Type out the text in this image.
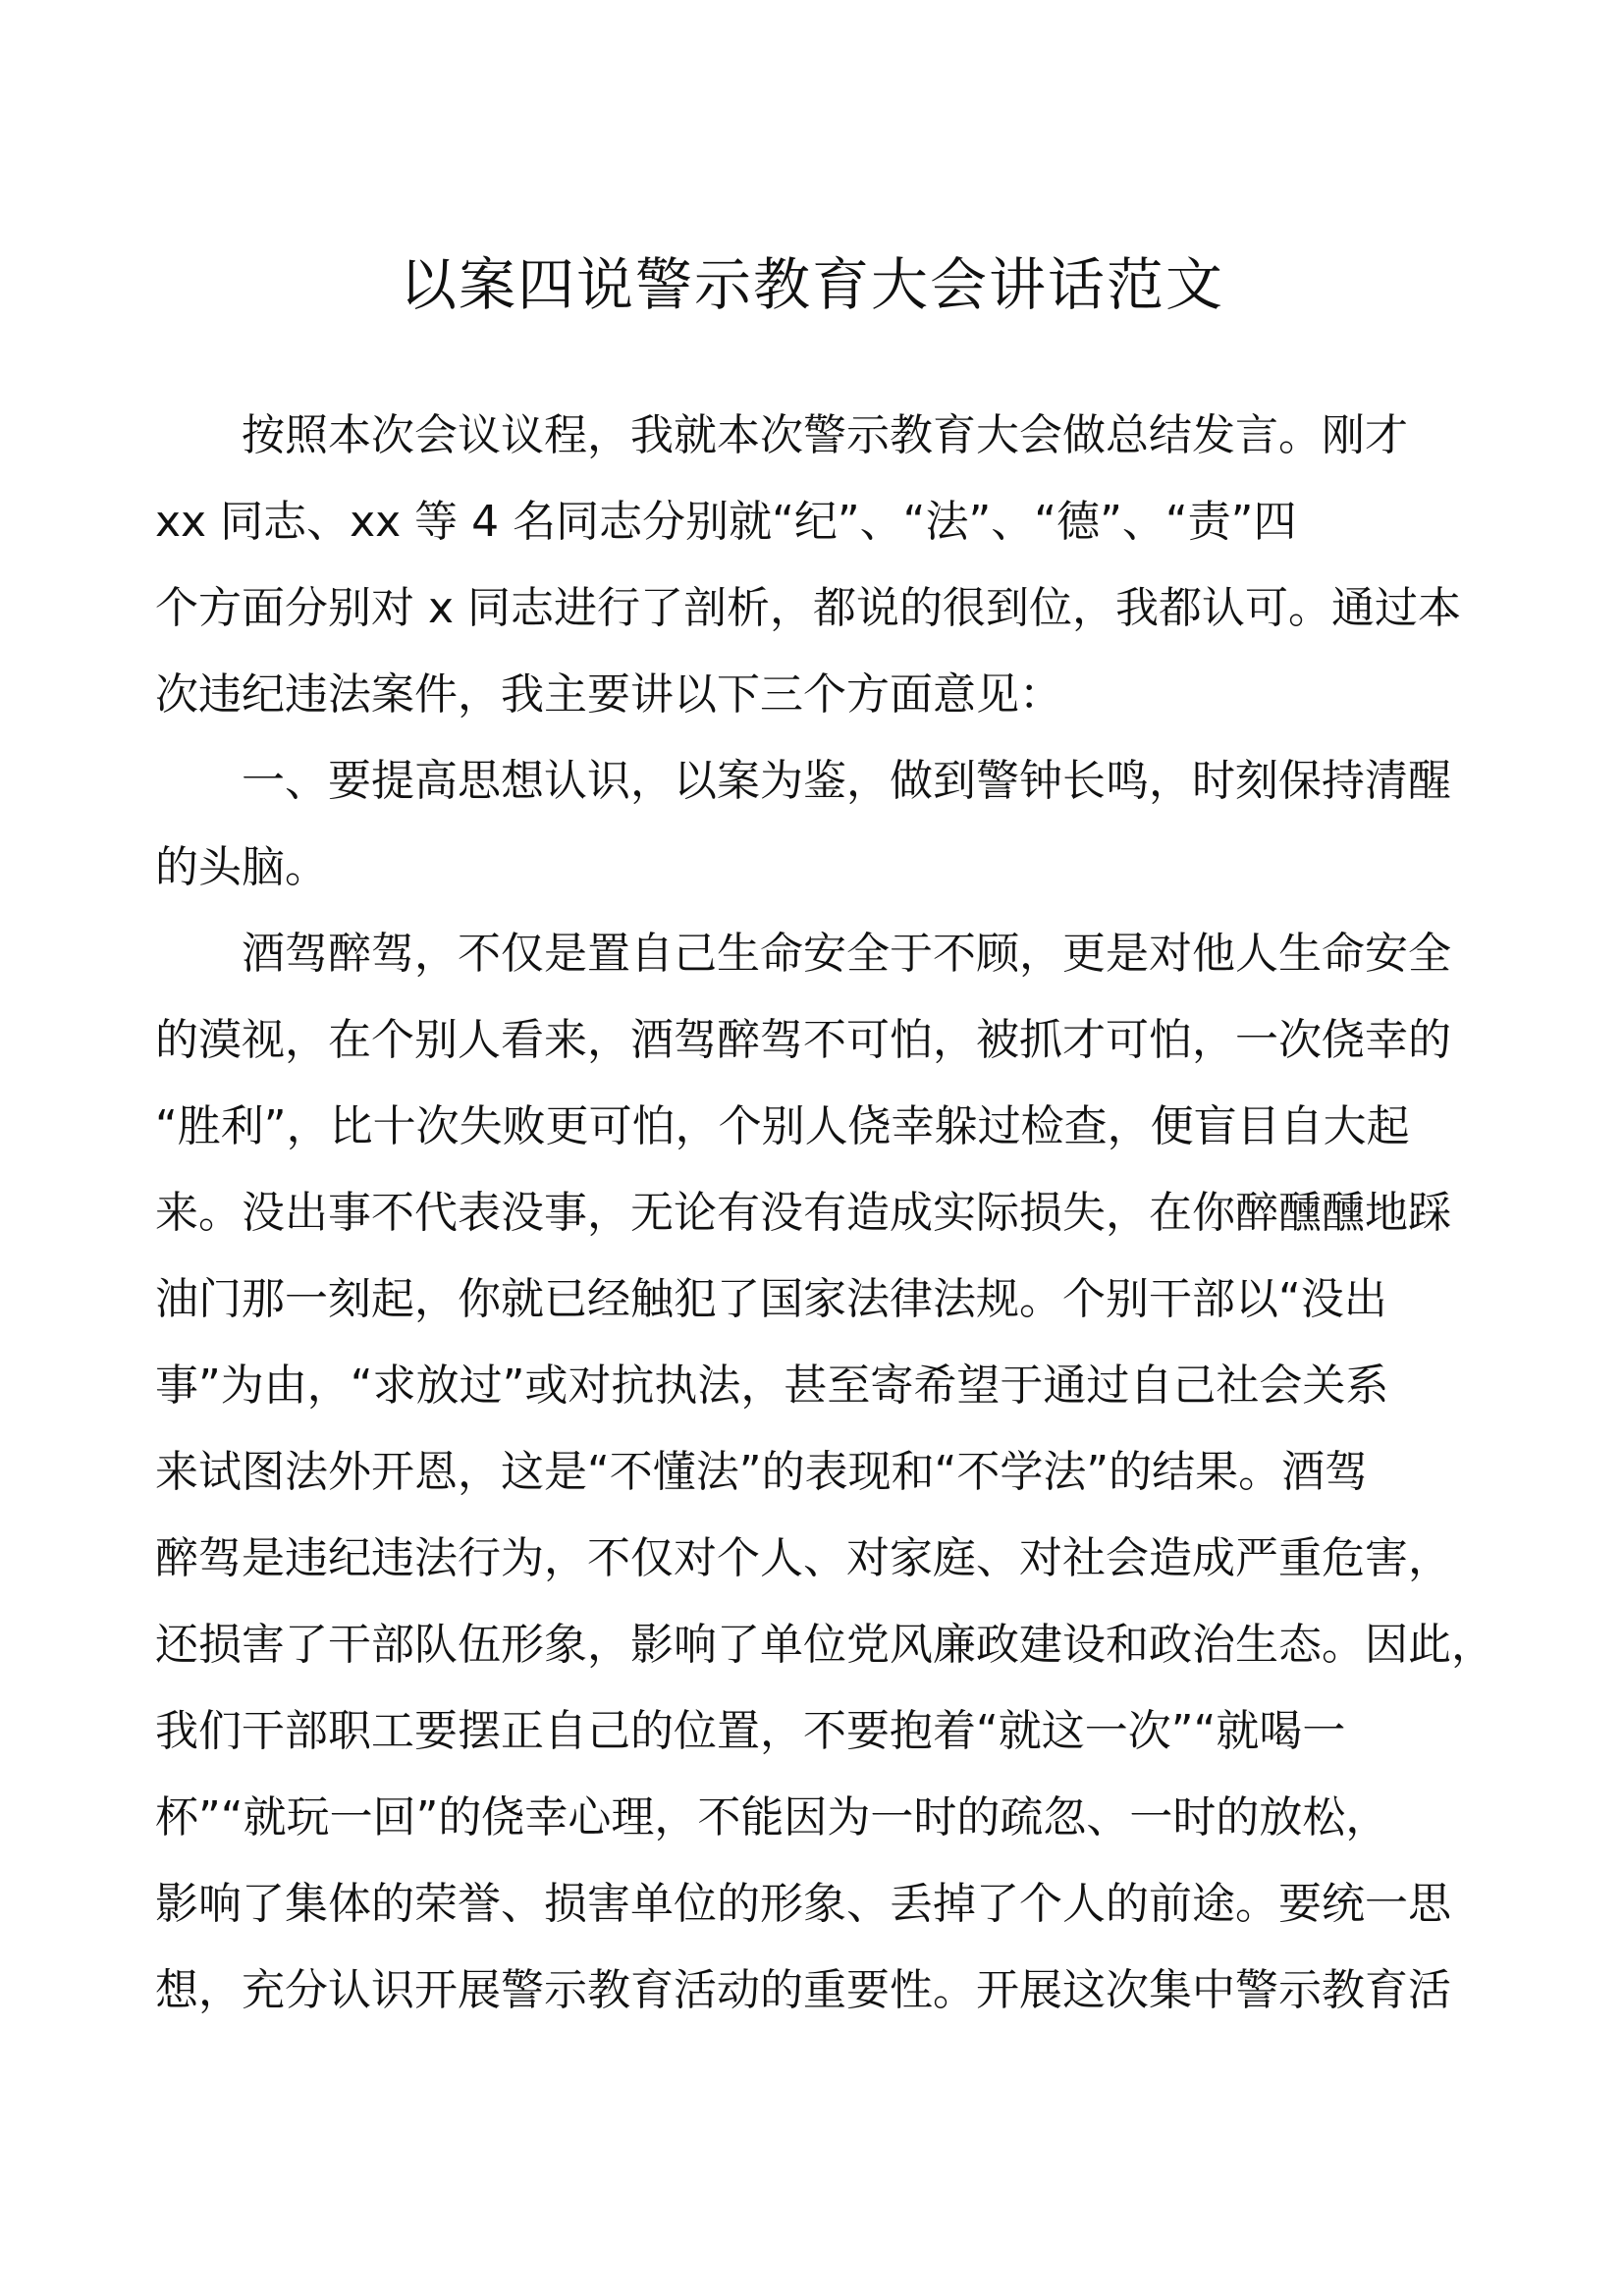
以案四说警示教育大会讲话范文
按照本次会议议程，我就本次警示教育大会做总结发言。刚才
xx 同志、xx 等 4 名同志分别就“纪”、“法”、“德”、“责”四
个方面分别对 x 同志进行了剖析，都说的很到位，我都认可。通过本
次违纪违法案件，我主要讲以下三个方面意见：
一、要提高思想认识，以案为鉴，做到警钟长鸣，时刻保持清醒
的头脑。
酒驾醉驾，不仅是置自己生命安全于不顾，更是对他人生命安全
的漠视，在个别人看来，酒驾醉驾不可怕，被抓才可怕，一次侥幸的
“胜利”，比十次失败更可怕，个别人侥幸躲过检查，便盲目自大起
来。没出事不代表没事，无论有没有造成实际损失，在你醉醺醺地踩
油门那一刻起，你就已经触犯了国家法律法规。个别干部以“没出
事”为由，“求放过”或对抗执法，甚至寄希望于通过自己社会关系
来试图法外开恩，这是“不懂法”的表现和“不学法”的结果。酒驾
醉驾是违纪违法行为，不仅对个人、对家庭、对社会造成严重危害，
还损害了干部队伍形象，影响了单位党风廉政建设和政治生态。因此，
我们干部职工要摆正自己的位置，不要抱着“就这一次”“就喝一
杯”“就玩一回”的侥幸心理，不能因为一时的疏忽、一时的放松，
影响了集体的荣誉、损害单位的形象、丢掉了个人的前途。要统一思
想，充分认识开展警示教育活动的重要性。开展这次集中警示教育活
